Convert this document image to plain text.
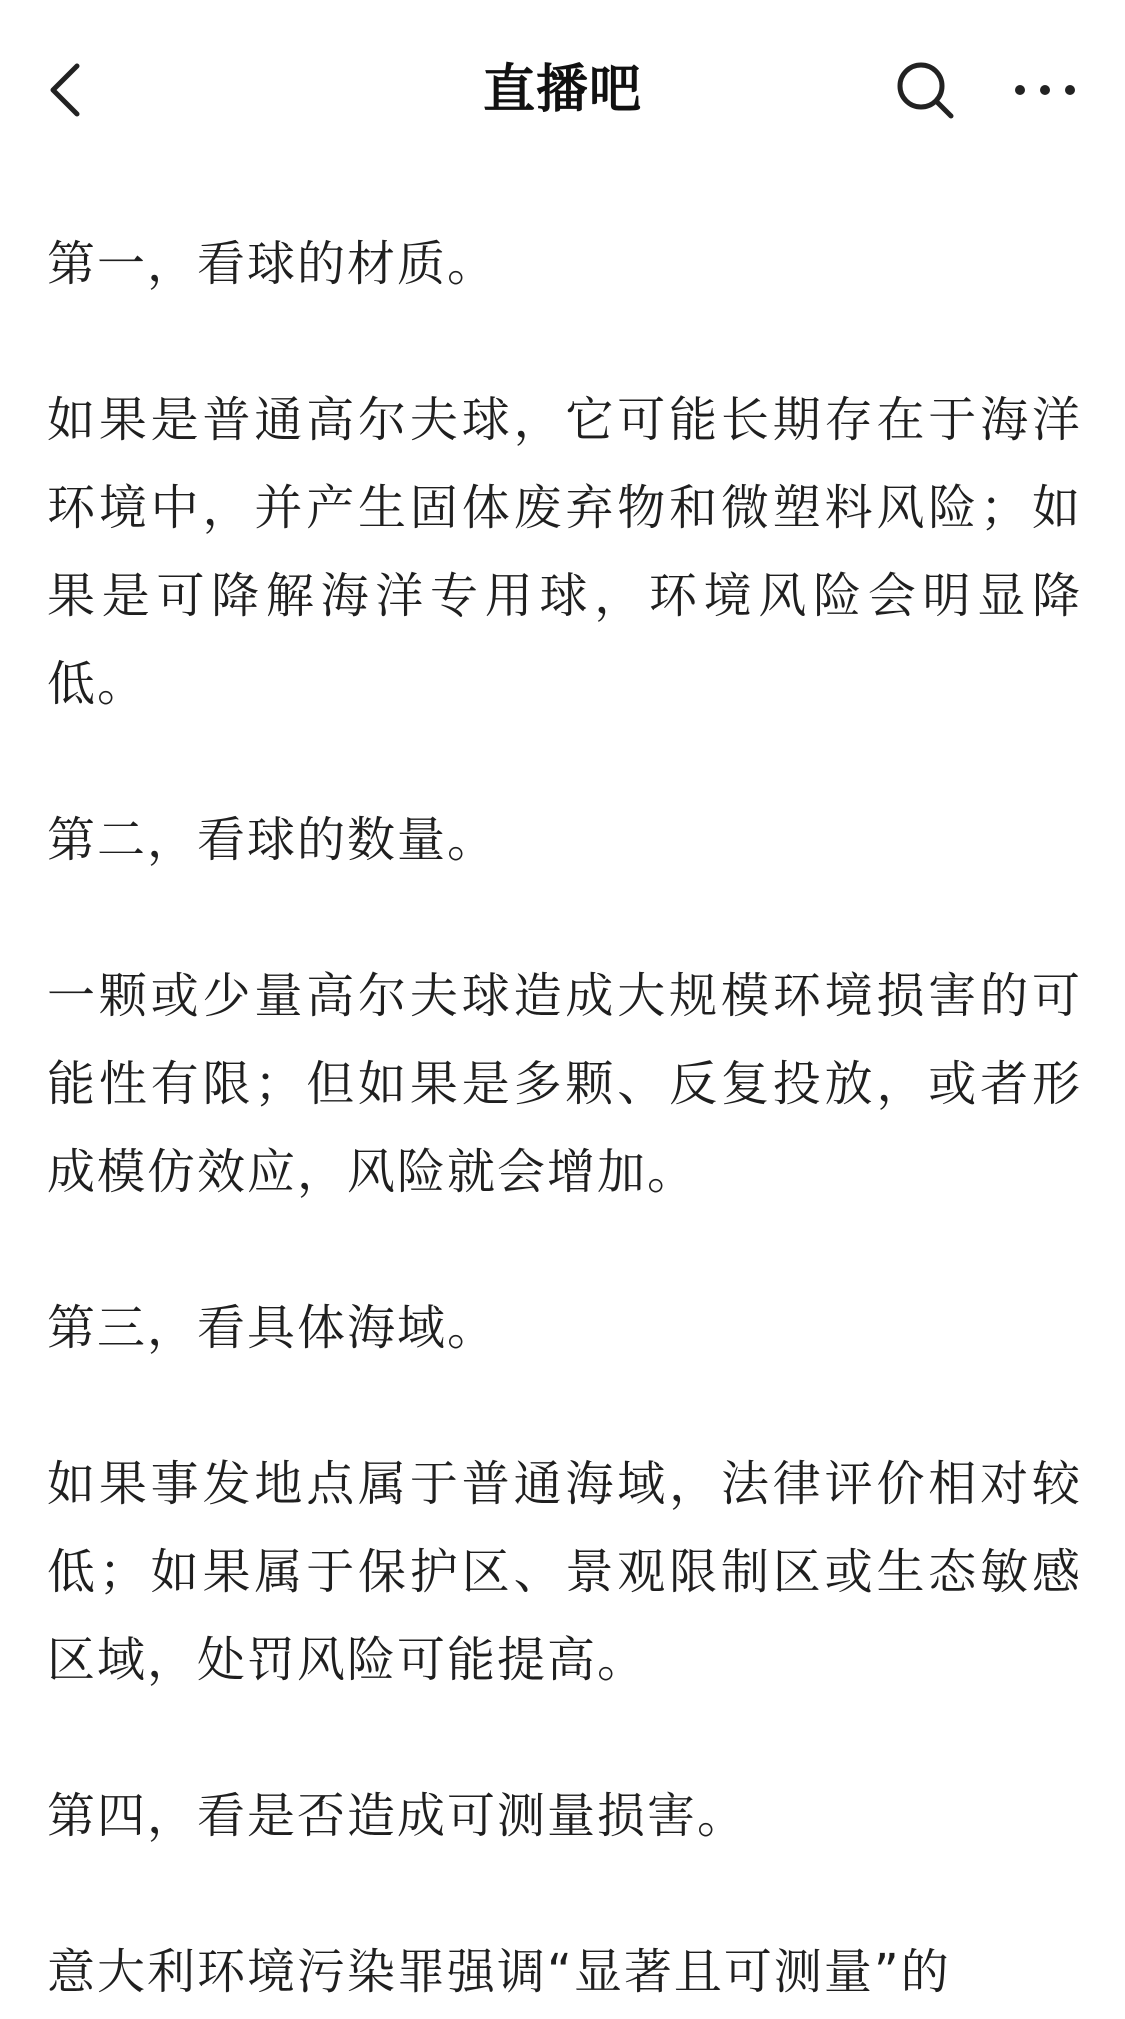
直播吧

第一，看球的材质。

如果是普通高尔夫球，它可能长期存在于海洋环境中，并产生固体废弃物和微塑料风险；如果是可降解海洋专用球，环境风险会明显降低。

第二，看球的数量。

一颗或少量高尔夫球造成大规模环境损害的可能性有限；但如果是多颗、反复投放，或者形成模仿效应，风险就会增加。

第三，看具体海域。

如果事发地点属于普通海域，法律评价相对较低；如果属于保护区、景观限制区或生态敏感区域，处罚风险可能提高。

第四，看是否造成可测量损害。

意大利环境污染罪强调“显著且可测量”的
